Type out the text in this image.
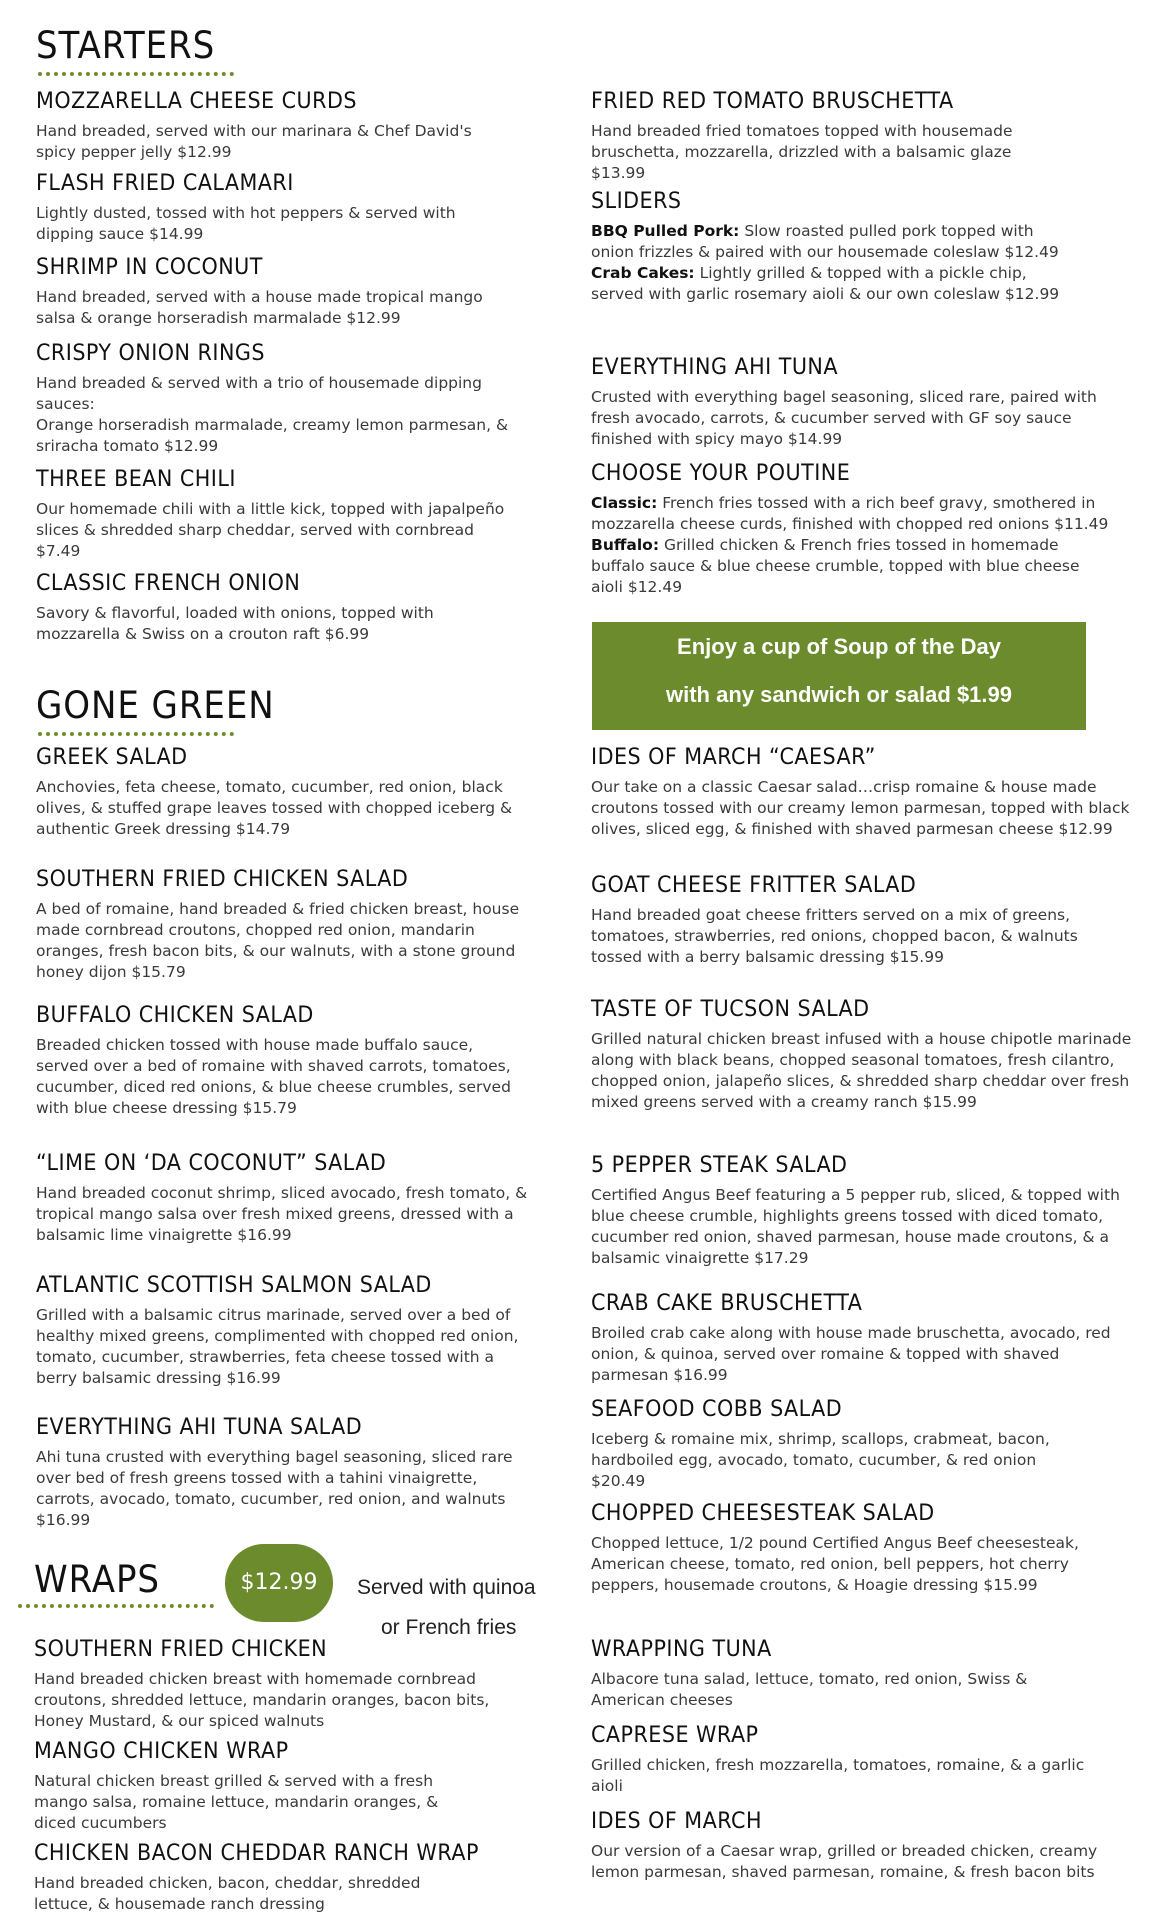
STARTERS
GONE GREEN
WRAPS	$12.99	Served with quinoa
or French fries
Enjoy a cup of Soup of the Day
with any sandwich or salad $1.99
MOZZARELLA CHEESE CURDS
Hand breaded, served with our marinara & Chef David's spicy pepper jelly $12.99
FLASH FRIED CALAMARI
Lightly dusted, tossed with hot peppers & served with dipping sauce $14.99
SHRIMP IN COCONUT
Hand breaded, served with a house made tropical mango salsa & orange horseradish marmalade $12.99
CRISPY ONION RINGS
Hand breaded & served with a trio of housemade dipping sauces:
Orange horseradish marmalade, creamy lemon parmesan, & sriracha tomato $12.99
THREE BEAN CHILI
Our homemade chili with a little kick, topped with japalpeño slices & shredded sharp cheddar, served with cornbread $7.49
CLASSIC FRENCH ONION
Savory & flavorful, loaded with onions, topped with mozzarella & Swiss on a crouton raft $6.99
GREEK SALAD
Anchovies, feta cheese, tomato, cucumber, red onion, black olives, & stuffed grape leaves tossed with chopped iceberg & authentic Greek dressing $14.79
SOUTHERN FRIED CHICKEN SALAD
A bed of romaine, hand breaded & fried chicken breast, house made cornbread croutons, chopped red onion, mandarin oranges, fresh bacon bits, & our walnuts, with a stone ground honey dijon $15.79
BUFFALO CHICKEN SALAD
Breaded chicken tossed with house made buffalo sauce, served over a bed of romaine with shaved carrots, tomatoes, cucumber, diced red onions, & blue cheese crumbles, served with blue cheese dressing $15.79
“LIME ON ‘DA COCONUT” SALAD
Hand breaded coconut shrimp, sliced avocado, fresh tomato, & tropical mango salsa over fresh mixed greens, dressed with a balsamic lime vinaigrette $16.99
ATLANTIC SCOTTISH SALMON SALAD
Grilled with a balsamic citrus marinade, served over a bed of healthy mixed greens, complimented with chopped red onion, tomato, cucumber, strawberries, feta cheese tossed with a berry balsamic dressing $16.99
EVERYTHING AHI TUNA SALAD
Ahi tuna crusted with everything bagel seasoning, sliced rare over bed of fresh greens tossed with a tahini vinaigrette, carrots, avocado, tomato, cucumber, red onion, and walnuts $16.99
SOUTHERN FRIED CHICKEN
Hand breaded chicken breast with homemade cornbread croutons, shredded lettuce, mandarin oranges, bacon bits, Honey Mustard, & our spiced walnuts
MANGO CHICKEN WRAP
Natural chicken breast grilled & served with a fresh mango salsa, romaine lettuce, mandarin oranges, & diced cucumbers
CHICKEN BACON CHEDDAR RANCH WRAP
Hand breaded chicken, bacon, cheddar, shredded lettuce, & housemade ranch dressing
FRIED RED TOMATO BRUSCHETTA
Hand breaded fried tomatoes topped with housemade bruschetta, mozzarella, drizzled with a balsamic glaze $13.99
SLIDERS
BBQ Pulled Pork: Slow roasted pulled pork topped with onion frizzles & paired with our housemade coleslaw $12.49
Crab Cakes: Lightly grilled & topped with a pickle chip, served with garlic rosemary aioli & our own coleslaw $12.99
EVERYTHING AHI TUNA
Crusted with everything bagel seasoning, sliced rare, paired with fresh avocado, carrots, & cucumber served with GF soy sauce finished with spicy mayo $14.99
CHOOSE YOUR POUTINE
Classic: French fries tossed with a rich beef gravy, smothered in mozzarella cheese curds, finished with chopped red onions $11.49
Buffalo: Grilled chicken & French fries tossed in homemade buffalo sauce & blue cheese crumble, topped with blue cheese aioli $12.49
IDES OF MARCH “CAESAR”
Our take on a classic Caesar salad…crisp romaine & house made croutons tossed with our creamy lemon parmesan, topped with black olives, sliced egg, & finished with shaved parmesan cheese $12.99
GOAT CHEESE FRITTER SALAD
Hand breaded goat cheese fritters served on a mix of greens, tomatoes, strawberries, red onions, chopped bacon, & walnuts tossed with a berry balsamic dressing $15.99
TASTE OF TUCSON SALAD
Grilled natural chicken breast infused with a house chipotle marinade along with black beans, chopped seasonal tomatoes, fresh cilantro, chopped onion, jalapeño slices, & shredded sharp cheddar over fresh mixed greens served with a creamy ranch $15.99
5 PEPPER STEAK SALAD
Certified Angus Beef featuring a 5 pepper rub, sliced, & topped with blue cheese crumble, highlights greens tossed with diced tomato, cucumber red onion, shaved parmesan, house made croutons, & a balsamic vinaigrette $17.29
CRAB CAKE BRUSCHETTA
Broiled crab cake along with house made bruschetta, avocado, red onion, & quinoa, served over romaine & topped with shaved parmesan $16.99
SEAFOOD COBB SALAD
Iceberg & romaine mix, shrimp, scallops, crabmeat, bacon, hardboiled egg, avocado, tomato, cucumber, & red onion $20.49
CHOPPED CHEESESTEAK SALAD
Chopped lettuce, 1/2 pound Certified Angus Beef cheesesteak, American cheese, tomato, red onion, bell peppers, hot cherry peppers, housemade croutons, & Hoagie dressing $15.99
WRAPPING TUNA
Albacore tuna salad, lettuce, tomato, red onion, Swiss & American cheeses
CAPRESE WRAP
Grilled chicken, fresh mozzarella, tomatoes, romaine, & a garlic aioli
IDES OF MARCH
Our version of a Caesar wrap, grilled or breaded chicken, creamy lemon parmesan, shaved parmesan, romaine, & fresh bacon bits
